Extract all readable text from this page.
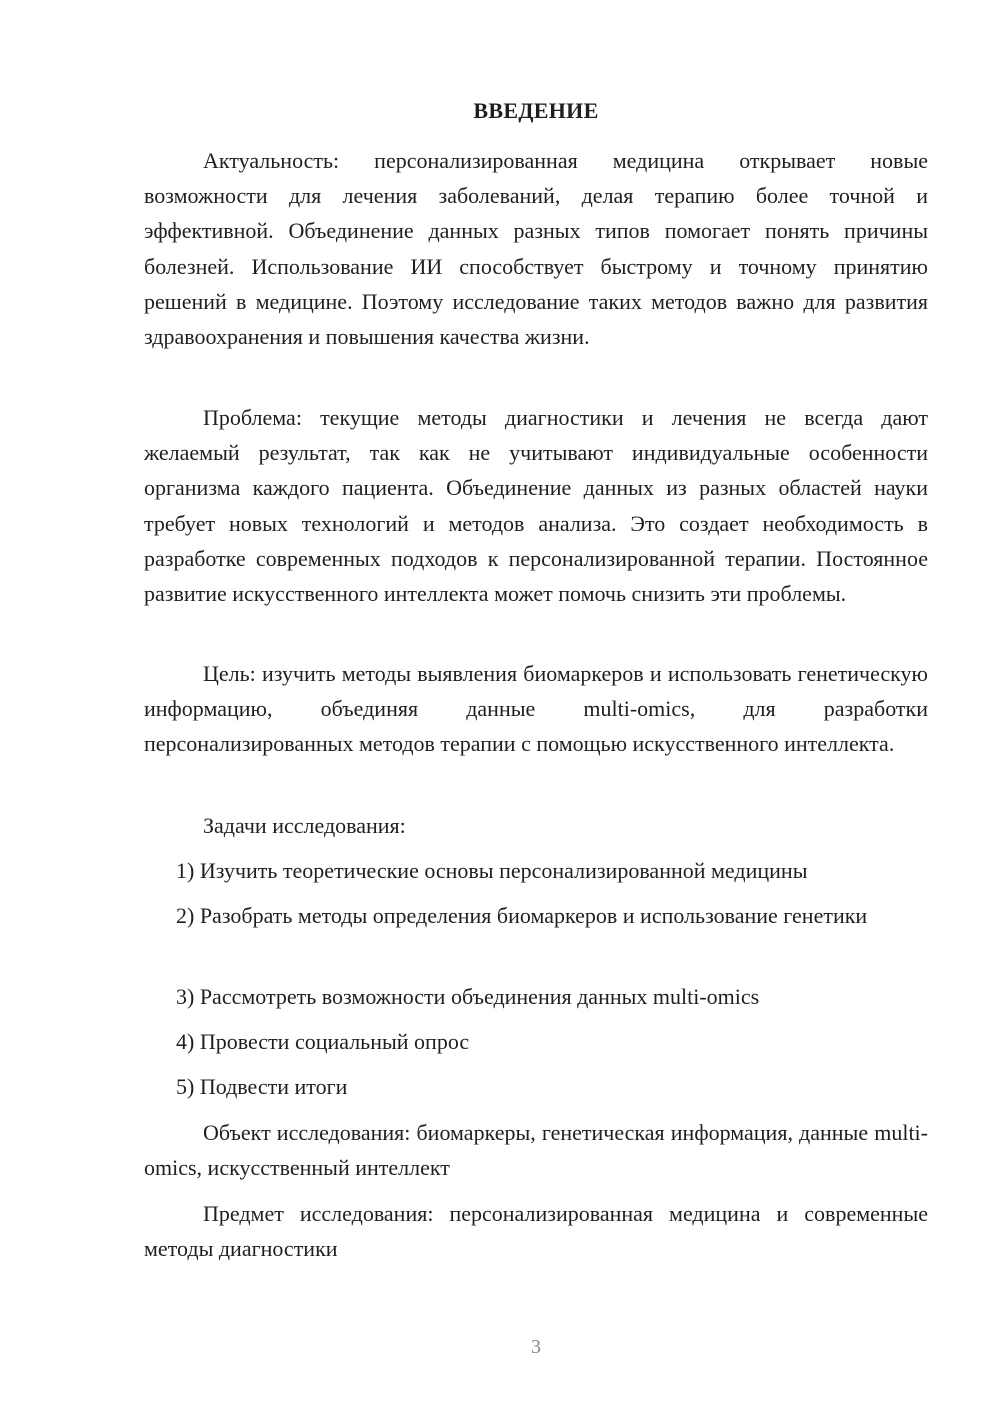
ВВЕДЕНИЕ

Актуальность: персонализированная медицина открывает новые возможности для лечения заболеваний, делая терапию более точной и эффективной. Объединение данных разных типов помогает понять причины болезней. Использование ИИ способствует быстрому и точному принятию решений в медицине. Поэтому исследование таких методов важно для развития здравоохранения и повышения качества жизни.

Проблема: текущие методы диагностики и лечения не всегда дают желаемый результат, так как не учитывают индивидуальные особенности организма каждого пациента. Объединение данных из разных областей науки требует новых технологий и методов анализа. Это создает необходимость в разработке современных подходов к персонализированной терапии. Постоянное развитие искусственного интеллекта может помочь снизить эти проблемы.

Цель: изучить методы выявления биомаркеров и использовать генетическую информацию, объединяя данные multi-omics, для разработки персонализированных методов терапии с помощью искусственного интеллекта.

Задачи исследования:

1) Изучить теоретические основы персонализированной медицины

2) Разобрать методы определения биомаркеров и использование генетики

3) Рассмотреть возможности объединения данных multi-omics

4) Провести социальный опрос

5) Подвести итоги

Объект исследования: биомаркеры, генетическая информация, данные multi-omics, искусственный интеллект

Предмет исследования: персонализированная медицина и современные методы диагностики

3
